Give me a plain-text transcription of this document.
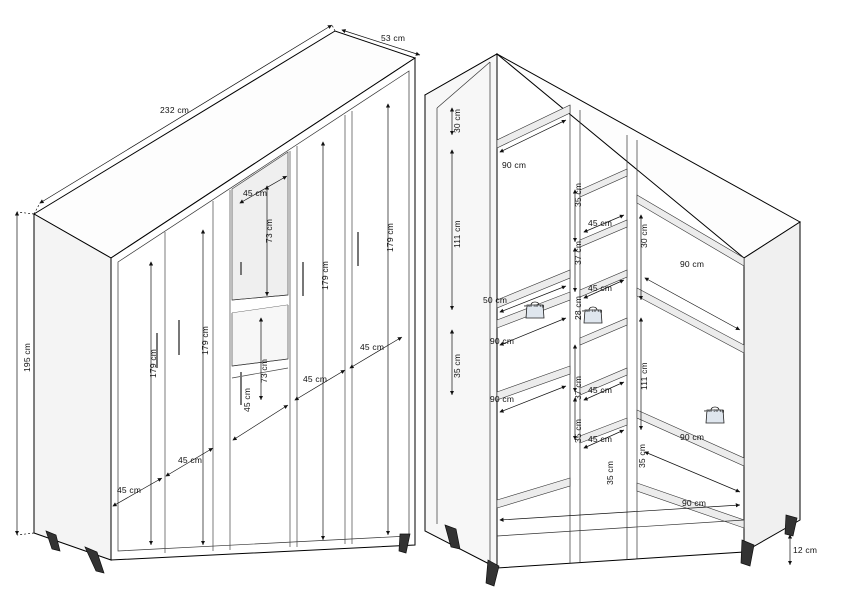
232 cm
53 cm
195 cm	179 cm
179 cm
179 cm
179 cm
73 cm
73 cm
45 cm
45 cm
45 cm
45 cm
45 cm
45 cm
30 cm
111 cm
35 cm
30 cm
111 cm
37 cm
28 cm
37 cm
35 cm
35 cm
35 cm
35 cm
90 cm
90 cm
90 cm
90 cm
90 cm
90 cm
45 cm
45 cm
45 cm
45 cm
50 cm
12 cm
max 40 kg
max 10 kg
max 20 kg
